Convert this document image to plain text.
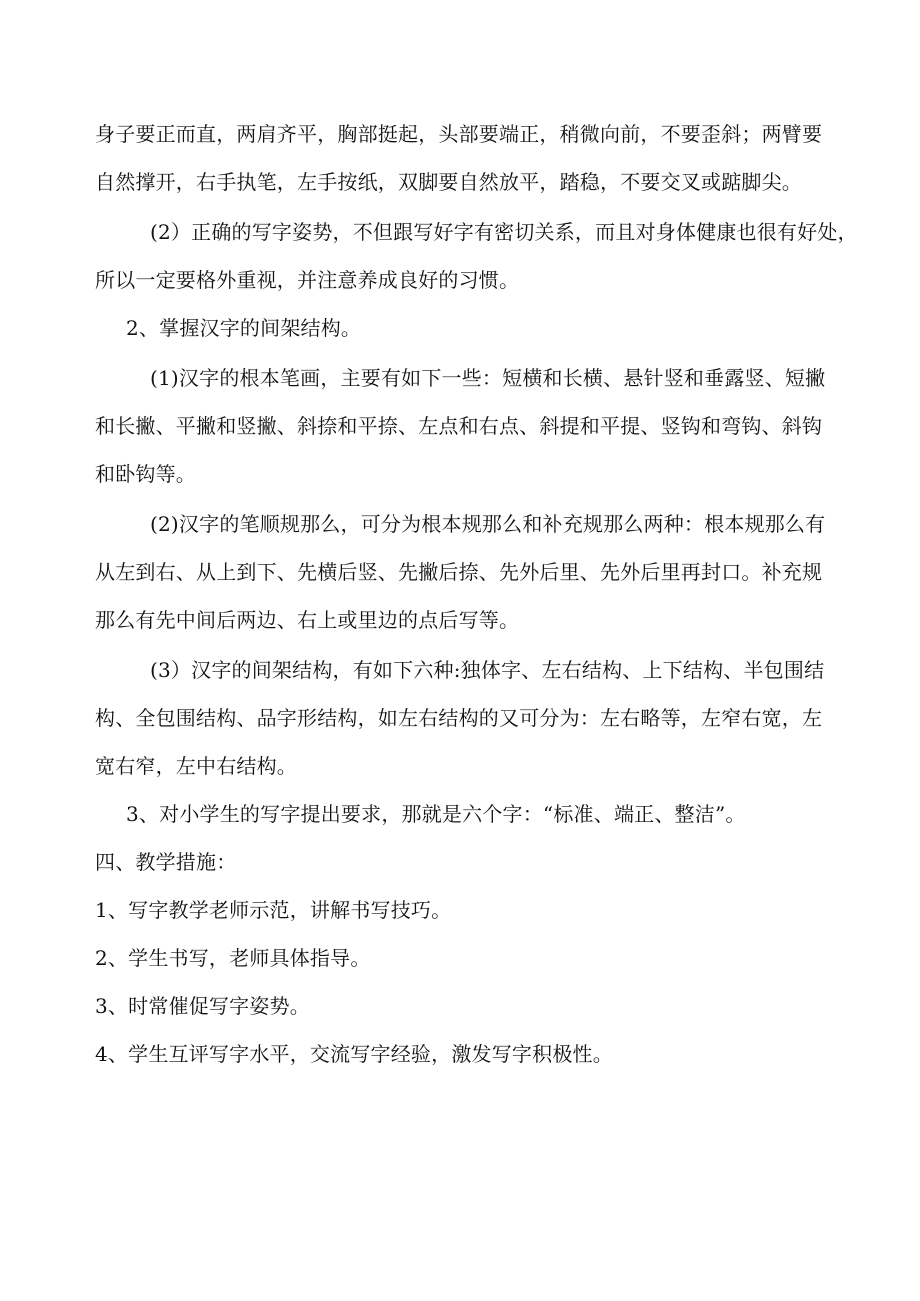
身子要正而直，两肩齐平，胸部挺起，头部要端正，稍微向前，不要歪斜；两臂要
自然撑开，右手执笔，左手按纸，双脚要自然放平，踏稳，不要交叉或踮脚尖。
(2）正确的写字姿势，不但跟写好字有密切关系，而且对身体健康也很有好处，
所以一定要格外重视，并注意养成良好的习惯。
2、掌握汉字的间架结构。
(1)汉字的根本笔画，主要有如下一些：短横和长横、悬针竖和垂露竖、短撇
和长撇、平撇和竖撇、斜捺和平捺、左点和右点、斜提和平提、竖钩和弯钩、斜钩
和卧钩等。
(2)汉字的笔顺规那么，可分为根本规那么和补充规那么两种：根本规那么有
从左到右、从上到下、先横后竖、先撇后捺、先外后里、先外后里再封口。补充规
那么有先中间后两边、右上或里边的点后写等。
(3）汉字的间架结构，有如下六种:独体字、左右结构、上下结构、半包围结
构、全包围结构、品字形结构，如左右结构的又可分为：左右略等，左窄右宽，左
宽右窄，左中右结构。
3、对小学生的写字提出要求，那就是六个字：“标准、端正、整洁”。
四、教学措施：
1、写字教学老师示范，讲解书写技巧。
2、学生书写，老师具体指导。
3、时常催促写字姿势。
4、学生互评写字水平，交流写字经验，激发写字积极性。
